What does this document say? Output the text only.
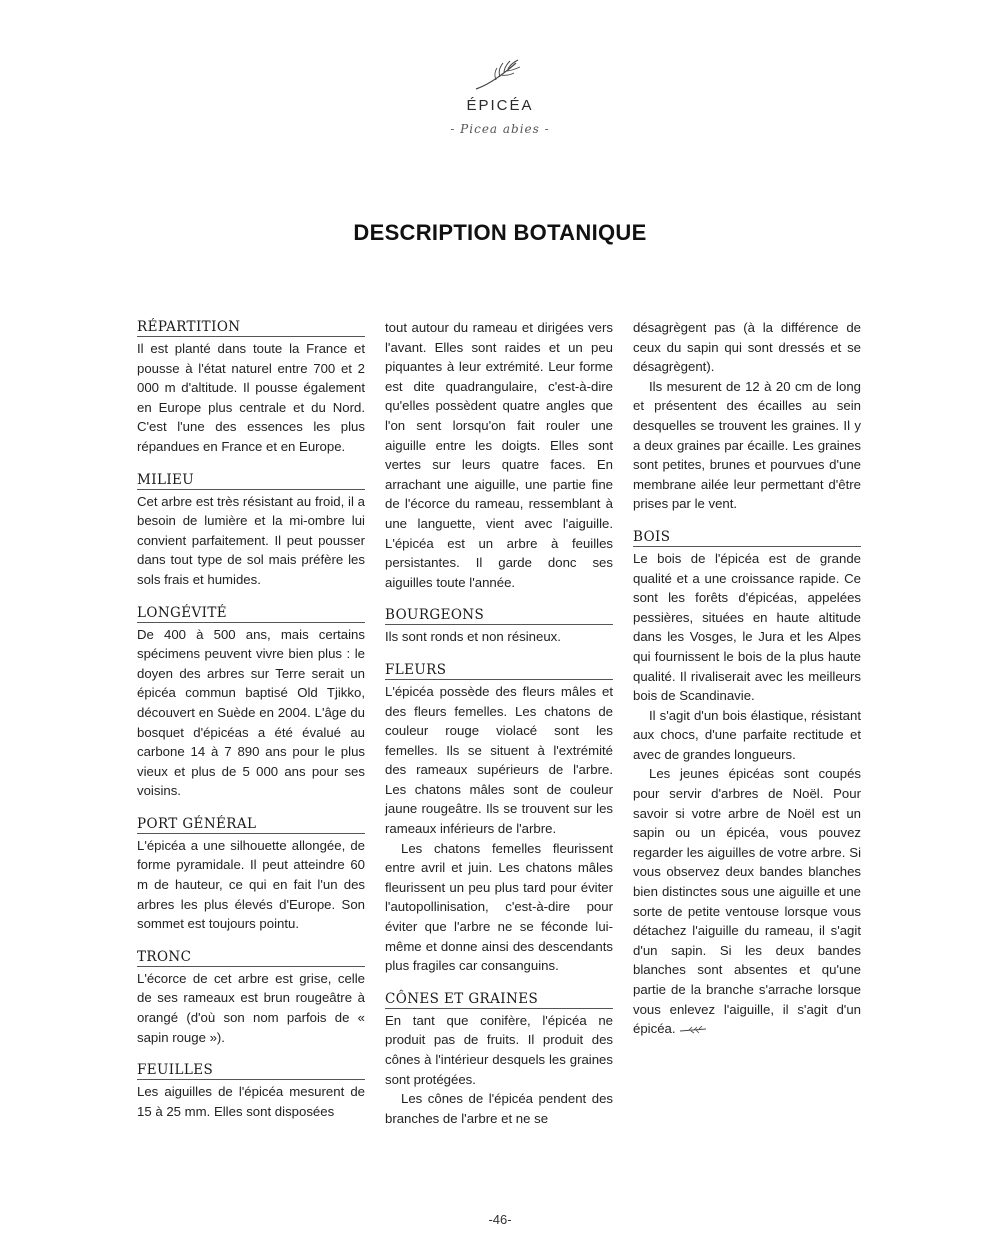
ÉPICÉA
- Picea abies -
DESCRIPTION BOTANIQUE
RÉPARTITION

Il est planté dans toute la France et pousse à l'état naturel entre 700 et 2 000 m d'altitude. Il pousse également en Europe plus centrale et du Nord. C'est l'une des essences les plus répandues en France et en Europe.

MILIEU

Cet arbre est très résistant au froid, il a besoin de lumière et la mi-ombre lui convient parfaitement. Il peut pousser dans tout type de sol mais préfère les sols frais et humides.

LONGÉVITÉ

De 400 à 500 ans, mais certains spécimens peuvent vivre bien plus : le doyen des arbres sur Terre serait un épicéa commun baptisé Old Tjikko, découvert en Suède en 2004. L'âge du bosquet d'épicéas a été évalué au carbone 14 à 7 890 ans pour le plus vieux et plus de 5 000 ans pour ses voisins.

PORT GÉNÉRAL

L'épicéa a une silhouette allongée, de forme pyramidale. Il peut atteindre 60 m de hauteur, ce qui en fait l'un des arbres les plus élevés d'Europe. Son sommet est toujours pointu.

TRONC

L'écorce de cet arbre est grise, celle de ses rameaux est brun rougeâtre à orangé (d'où son nom parfois de « sapin rouge »).

FEUILLES

Les aiguilles de l'épicéa mesurent de 15 à 25 mm. Elles sont disposées

tout autour du rameau et dirigées vers l'avant. Elles sont raides et un peu piquantes à leur extrémité. Leur forme est dite quadrangulaire, c'est-à-dire qu'elles possèdent quatre angles que l'on sent lorsqu'on fait rouler une aiguille entre les doigts. Elles sont vertes sur leurs quatre faces. En arrachant une aiguille, une partie fine de l'écorce du rameau, ressemblant à une languette, vient avec l'aiguille. L'épicéa est un arbre à feuilles persistantes. Il garde donc ses aiguilles toute l'année.

BOURGEONS

Ils sont ronds et non résineux.

FLEURS

L'épicéa possède des fleurs mâles et des fleurs femelles. Les chatons de couleur rouge violacé sont les femelles. Ils se situent à l'extrémité des rameaux supérieurs de l'arbre. Les chatons mâles sont de couleur jaune rougeâtre. Ils se trouvent sur les rameaux inférieurs de l'arbre.

Les chatons femelles fleurissent entre avril et juin. Les chatons mâles fleurissent un peu plus tard pour éviter l'autopollinisation, c'est-à-dire pour éviter que l'arbre ne se féconde lui-même et donne ainsi des descendants plus fragiles car consanguins.

CÔNES ET GRAINES

En tant que conifère, l'épicéa ne produit pas de fruits. Il produit des cônes à l'intérieur desquels les graines sont protégées.

Les cônes de l'épicéa pendent des branches de l'arbre et ne se

désagrègent pas (à la différence de ceux du sapin qui sont dressés et se désagrègent).

Ils mesurent de 12 à 20 cm de long et présentent des écailles au sein desquelles se trouvent les graines. Il y a deux graines par écaille. Les graines sont petites, brunes et pourvues d'une membrane ailée leur permettant d'être prises par le vent.

BOIS

Le bois de l'épicéa est de grande qualité et a une croissance rapide. Ce sont les forêts d'épicéas, appelées pessières, situées en haute altitude dans les Vosges, le Jura et les Alpes qui fournissent le bois de la plus haute qualité. Il rivaliserait avec les meilleurs bois de Scandinavie.

Il s'agit d'un bois élastique, résistant aux chocs, d'une parfaite rectitude et avec de grandes longueurs.

Les jeunes épicéas sont coupés pour servir d'arbres de Noël. Pour savoir si votre arbre de Noël est un sapin ou un épicéa, vous pouvez regarder les aiguilles de votre arbre. Si vous observez deux bandes blanches bien distinctes sous une aiguille et une sorte de petite ventouse lorsque vous détachez l'aiguille du rameau, il s'agit d'un sapin. Si les deux bandes blanches sont absentes et qu'une partie de la branche s'arrache lorsque vous enlevez l'aiguille, il s'agit d'un épicéa.

-46-
